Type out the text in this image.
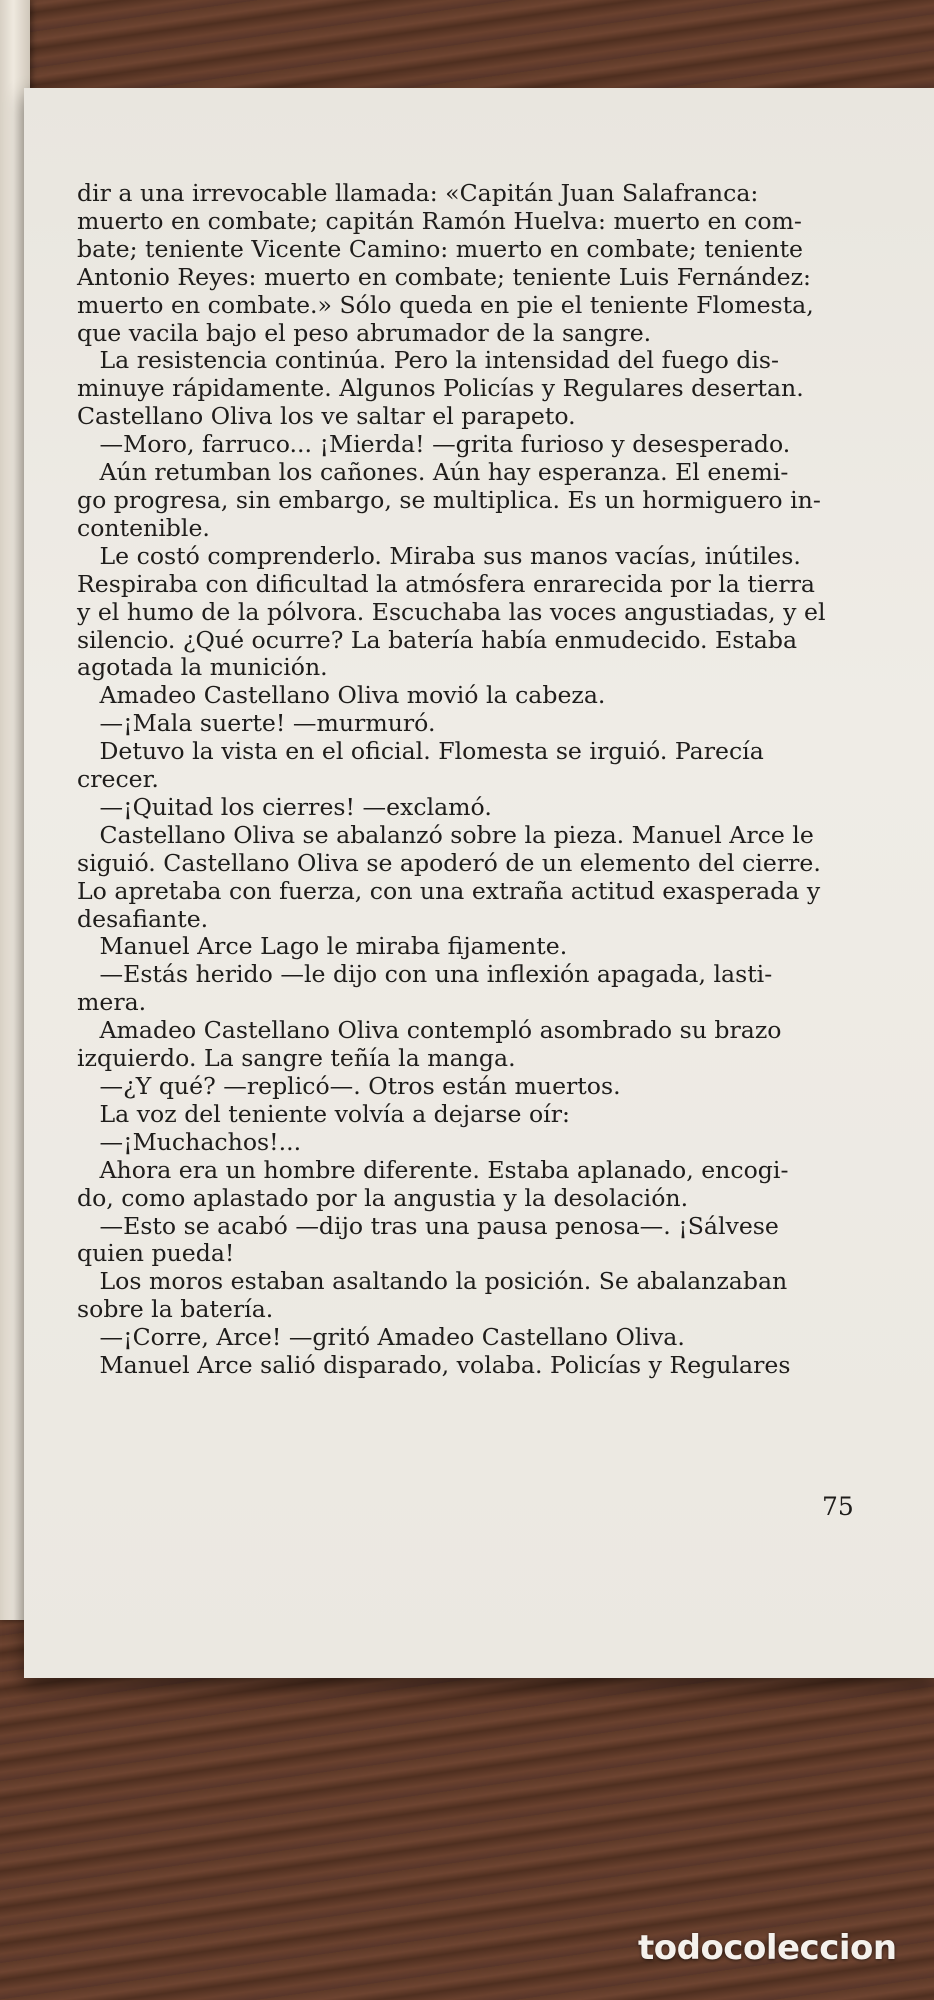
dir a una irrevocable llamada: «Capitán Juan Salafranca:
muerto en combate; capitán Ramón Huelva: muerto en com-
bate; teniente Vicente Camino: muerto en combate; teniente
Antonio Reyes: muerto en combate; teniente Luis Fernández:
muerto en combate.» Sólo queda en pie el teniente Flomesta,
que vacila bajo el peso abrumador de la sangre.
La resistencia continúa. Pero la intensidad del fuego dis-
minuye rápidamente. Algunos Policías y Regulares desertan.
Castellano Oliva los ve saltar el parapeto.
—Moro, farruco... ¡Mierda! —grita furioso y desesperado.
Aún retumban los cañones. Aún hay esperanza. El enemi-
go progresa, sin embargo, se multiplica. Es un hormiguero in-
contenible.
Le costó comprenderlo. Miraba sus manos vacías, inútiles.
Respiraba con dificultad la atmósfera enrarecida por la tierra
y el humo de la pólvora. Escuchaba las voces angustiadas, y el
silencio. ¿Qué ocurre? La batería había enmudecido. Estaba
agotada la munición.
Amadeo Castellano Oliva movió la cabeza.
—¡Mala suerte! —murmuró.
Detuvo la vista en el oficial. Flomesta se irguió. Parecía
crecer.
—¡Quitad los cierres! —exclamó.
Castellano Oliva se abalanzó sobre la pieza. Manuel Arce le
siguió. Castellano Oliva se apoderó de un elemento del cierre.
Lo apretaba con fuerza, con una extraña actitud exasperada y
desafiante.
Manuel Arce Lago le miraba fijamente.
—Estás herido —le dijo con una inflexión apagada, lasti-
mera.
Amadeo Castellano Oliva contempló asombrado su brazo
izquierdo. La sangre teñía la manga.
—¿Y qué? —replicó—. Otros están muertos.
La voz del teniente volvía a dejarse oír:
—¡Muchachos!...
Ahora era un hombre diferente. Estaba aplanado, encogi-
do, como aplastado por la angustia y la desolación.
—Esto se acabó —dijo tras una pausa penosa—. ¡Sálvese
quien pueda!
Los moros estaban asaltando la posición. Se abalanzaban
sobre la batería.
—¡Corre, Arce! —gritó Amadeo Castellano Oliva.
Manuel Arce salió disparado, volaba. Policías y Regulares
75
todocoleccion
